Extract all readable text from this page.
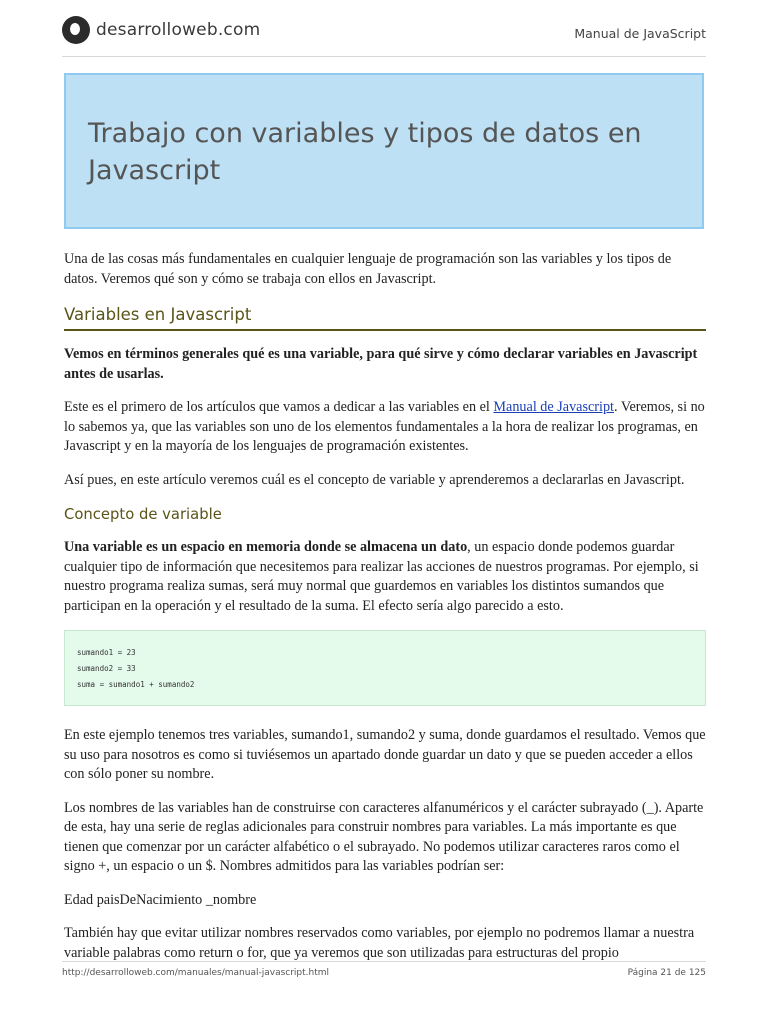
desarrolloweb.com	Manual de JavaScript
Trabajo con variables y tipos de datos en Javascript

Una de las cosas más fundamentales en cualquier lenguaje de programación son las variables y los tipos de datos. Veremos qué son y cómo se trabaja con ellos en Javascript.

Variables en Javascript

Vemos en términos generales qué es una variable, para qué sirve y cómo declarar variables en Javascript antes de usarlas.

Este es el primero de los artículos que vamos a dedicar a las variables en el Manual de Javascript. Veremos, si no lo sabemos ya, que las variables son uno de los elementos fundamentales a la hora de realizar los programas, en Javascript y en la mayoría de los lenguajes de programación existentes.

Así pues, en este artículo veremos cuál es el concepto de variable y aprenderemos a declararlas en Javascript.

Concepto de variable

Una variable es un espacio en memoria donde se almacena un dato, un espacio donde podemos guardar cualquier tipo de información que necesitemos para realizar las acciones de nuestros programas. Por ejemplo, si nuestro programa realiza sumas, será muy normal que guardemos en variables los distintos sumandos que participan en la operación y el resultado de la suma. El efecto sería algo parecido a esto.

sumando1 = 23
sumando2 = 33
suma = sumando1 + sumando2

En este ejemplo tenemos tres variables, sumando1, sumando2 y suma, donde guardamos el resultado. Vemos que su uso para nosotros es como si tuviésemos un apartado donde guardar un dato y que se pueden acceder a ellos con sólo poner su nombre.

Los nombres de las variables han de construirse con caracteres alfanuméricos y el carácter subrayado (_). Aparte de esta, hay una serie de reglas adicionales para construir nombres para variables. La más importante es que tienen que comenzar por un carácter alfabético o el subrayado. No podemos utilizar caracteres raros como el signo +, un espacio o un $. Nombres admitidos para las variables podrían ser:

Edad paisDeNacimiento _nombre

También hay que evitar utilizar nombres reservados como variables, por ejemplo no podremos llamar a nuestra variable palabras como return o for, que ya veremos que son utilizadas para estructuras del propio

http://desarrolloweb.com/manuales/manual-javascript.html	Página 21 de 125
